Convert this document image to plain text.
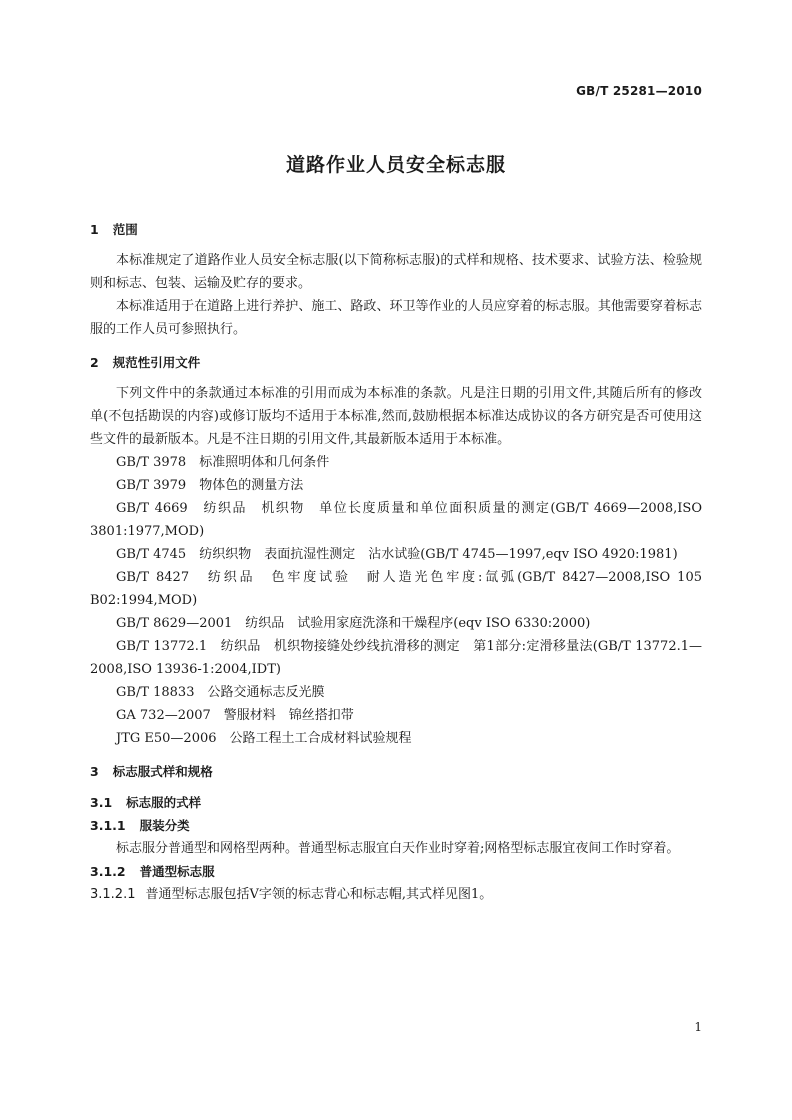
GB/T 25281—2010
道路作业人员安全标志服
1 范围

本标准规定了道路作业人员安全标志服(以下简称标志服)的式样和规格、技术要求、试验方法、检验规则和标志、包装、运输及贮存的要求。

本标准适用于在道路上进行养护、施工、路政、环卫等作业的人员应穿着的标志服。其他需要穿着标志服的工作人员可参照执行。

2 规范性引用文件

下列文件中的条款通过本标准的引用而成为本标准的条款。凡是注日期的引用文件,其随后所有的修改单(不包括勘误的内容)或修订版均不适用于本标准,然而,鼓励根据本标准达成协议的各方研究是否可使用这些文件的最新版本。凡是不注日期的引用文件,其最新版本适用于本标准。

GB/T 3978　标准照明体和几何条件

GB/T 3979　物体色的测量方法

GB/T 4669　纺织品　机织物　单位长度质量和单位面积质量的测定(GB/T 4669—2008,ISO 3801:1977,MOD)

GB/T 4745　纺织织物　表面抗湿性测定　沾水试验(GB/T 4745—1997,eqv ISO 4920:1981)

GB/T 8427　纺织品　色牢度试验　耐人造光色牢度:氙弧(GB/T 8427—2008,ISO 105 B02:1994,MOD)

GB/T 8629—2001　纺织品　试验用家庭洗涤和干燥程序(eqv ISO 6330:2000)

GB/T 13772.1　纺织品　机织物接缝处纱线抗滑移的测定　第1部分:定滑移量法(GB/T 13772.1—2008,ISO 13936-1:2004,IDT)

GB/T 18833　公路交通标志反光膜

GA 732—2007　警服材料　锦丝搭扣带

JTG E50—2006　公路工程土工合成材料试验规程

3 标志服式样和规格
3.1 标志服的式样
3.1.1 服装分类

标志服分普通型和网格型两种。普通型标志服宜白天作业时穿着;网格型标志服宜夜间工作时穿着。

3.1.2 普通型标志服

3.1.2.1 普通型标志服包括V字领的标志背心和标志帽,其式样见图1。

1
